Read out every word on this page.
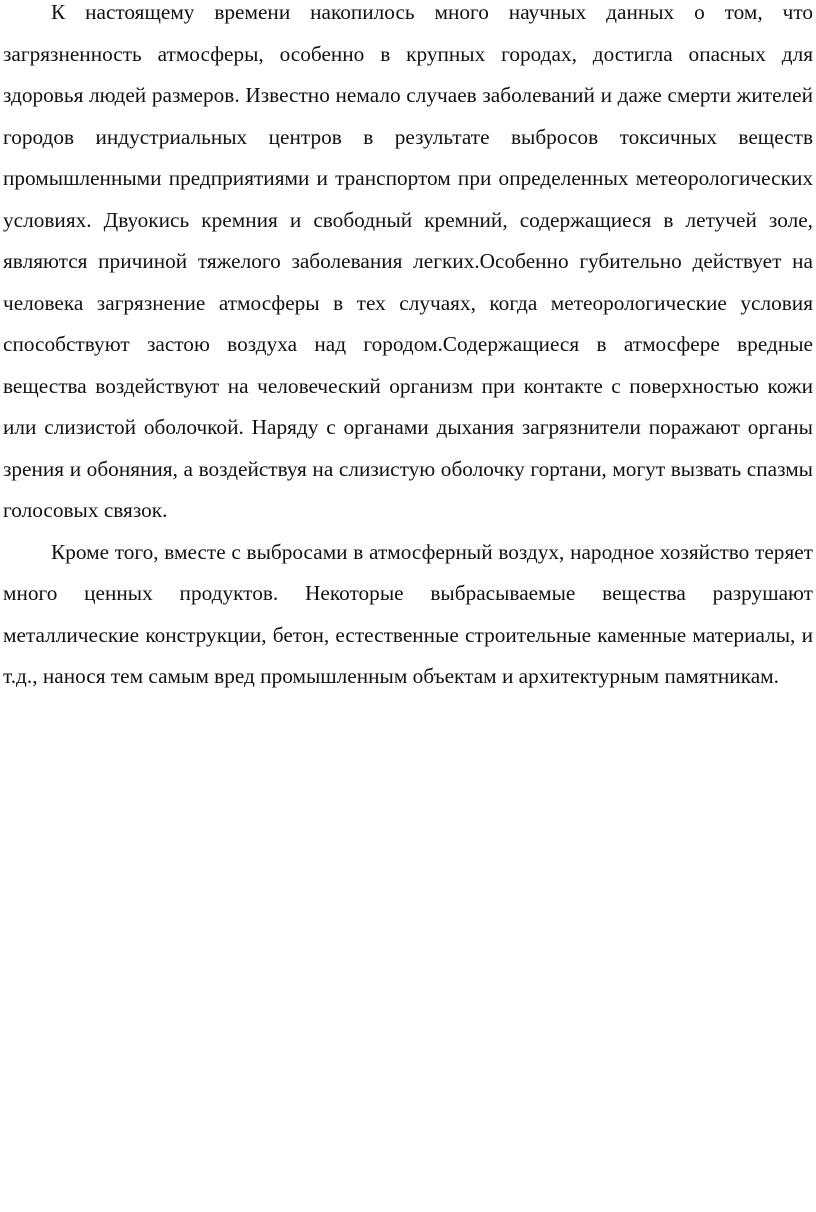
К настоящему времени накопилось много научных данных о том, что загрязненность атмосферы, особенно в крупных городах, достигла опасных для здоровья людей размеров. Известно немало случаев заболеваний и даже смерти жителей городов индустриальных центров в результате выбросов токсичных веществ промышленными предприятиями и транспортом при определенных метеорологических условиях. Двуокись кремния и свободный кремний, содержащиеся в летучей золе, являются причиной тяжелого заболевания легких.Особенно губительно действует на человека загрязнение атмосферы в тех случаях, когда метеорологические условия способствуют застою воздуха над городом.Содержащиеся в атмосфере вредные вещества воздействуют на человеческий организм при контакте с поверхностью кожи или слизистой оболочкой. Наряду с органами дыхания загрязнители поражают органы зрения и обоняния, а воздействуя на слизистую оболочку гортани, могут вызвать спазмы голосовых связок.

Кроме того, вместе с выбросами в атмосферный воздух, народное хозяйство теряет много ценных продуктов. Некоторые выбрасываемые вещества разрушают металлические конструкции, бетон, естественные строительные каменные материалы, и т.д., нанося тем самым вред промышленным объектам и архитектурным памятникам.
